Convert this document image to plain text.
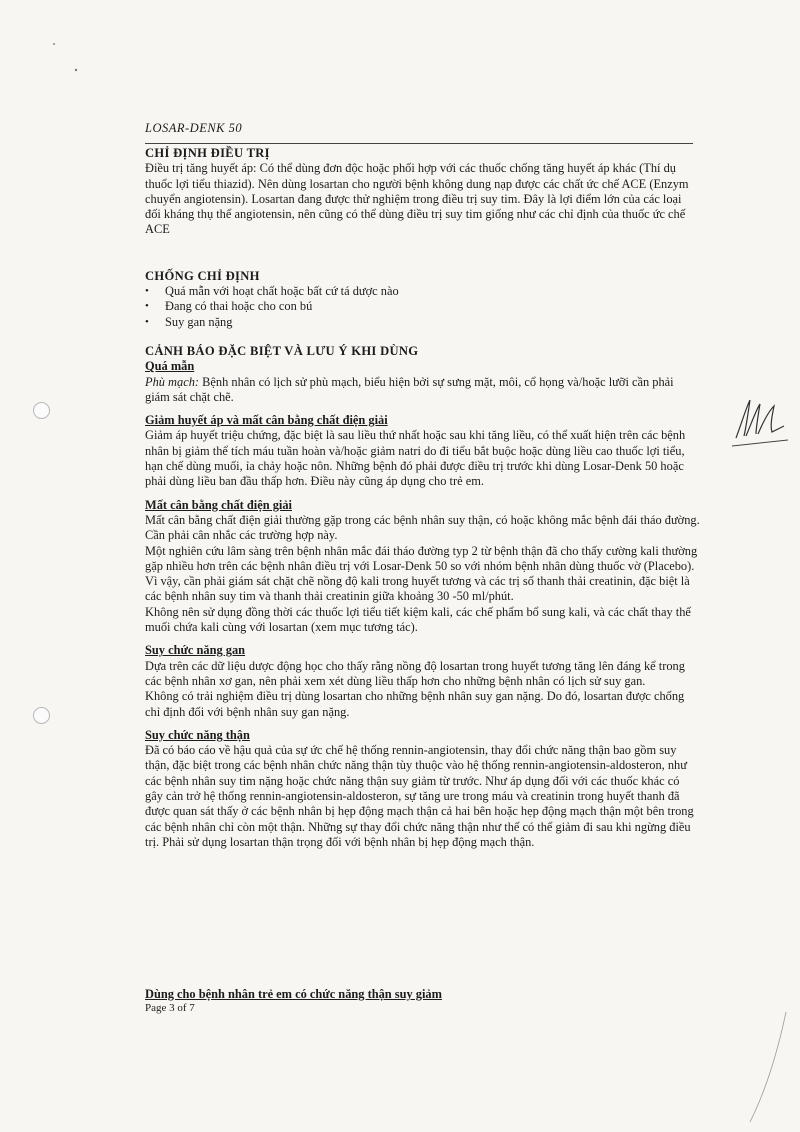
LOSAR-DENK 50

CHỈ ĐỊNH ĐIỀU TRỊ

Điều trị tăng huyết áp: Có thể dùng đơn độc hoặc phối hợp với các thuốc chống tăng huyết áp khác (Thí dụ thuốc lợi tiểu thiazid). Nên dùng losartan cho người bệnh không dung nạp được các chất ức chế ACE (Enzym chuyển angiotensin). Losartan đang được thử nghiệm trong điều trị suy tim. Đây là lợi điểm lớn của các loại đối kháng thụ thể angiotensin, nên cũng có thể dùng điều trị suy tim giống như các chỉ định của thuốc ức chế ACE

CHỐNG CHỈ ĐỊNH

• Quá mẫn với hoạt chất hoặc bất cứ tá dược nào
• Đang có thai hoặc cho con bú
• Suy gan nặng

CẢNH BÁO ĐẶC BIỆT VÀ LƯU Ý KHI DÙNG

Quá mẫn

Phù mạch: Bệnh nhân có lịch sử phù mạch, biểu hiện bởi sự sưng mặt, môi, cổ họng và/hoặc lưỡi cần phải giám sát chặt chẽ.

Giảm huyết áp và mất cân bằng chất điện giải

Giảm áp huyết triệu chứng, đặc biệt là sau liều thứ nhất hoặc sau khi tăng liều, có thể xuất hiện trên các bệnh nhân bị giảm thể tích máu tuần hoàn và/hoặc giảm natri do đi tiểu bắt buộc hoặc dùng liều cao thuốc lợi tiểu, hạn chế dùng muối, ỉa chảy hoặc nôn. Những bệnh đó phải được điều trị trước khi dùng Losar-Denk 50 hoặc phải dùng liều ban đầu thấp hơn. Điều này cũng áp dụng cho trẻ em.

Mất cân bằng chất điện giải

Mất cân bằng chất điện giải thường gặp trong các bệnh nhân suy thận, có hoặc không mắc bệnh đái tháo đường. Cần phải cân nhắc các trường hợp này.

Một nghiên cứu lâm sàng trên bệnh nhân mắc đái tháo đường typ 2 từ bệnh thận đã cho thấy cường kali thường gặp nhiều hơn trên các bệnh nhân điều trị với Losar-Denk 50 so với nhóm bệnh nhân dùng thuốc vờ (Placebo). Vì vậy, cần phải giám sát chặt chẽ nồng độ kali trong huyết tương và các trị số thanh thải creatinin, đặc biệt là các bệnh nhân suy tim và thanh thải creatinin giữa khoảng 30 -50 ml/phút.

Không nên sử dụng đồng thời các thuốc lợi tiểu tiết kiệm kali, các chế phẩm bổ sung kali, và các chất thay thế muối chứa kali cùng với losartan (xem mục tương tác).

Suy chức năng gan

Dựa trên các dữ liệu dược động học cho thấy rằng nồng độ losartan trong huyết tương tăng lên đáng kể trong các bệnh nhân xơ gan, nên phải xem xét dùng liều thấp hơn cho những bệnh nhân có lịch sử suy gan.

Không có trải nghiệm điều trị dùng losartan cho những bệnh nhân suy gan nặng. Do đó, losartan được chống chỉ định đối với bệnh nhân suy gan nặng.

Suy chức năng thận

Đã có báo cáo về hậu quả của sự ức chế hệ thống rennin-angiotensin, thay đổi chức năng thận bao gồm suy thận, đặc biệt trong các bệnh nhân chức năng thận tùy thuộc vào hệ thống rennin-angiotensin-aldosteron, như các bệnh nhân suy tim nặng hoặc chức năng thận suy giảm từ trước. Như áp dụng đối với các thuốc khác có gây cản trở hệ thống rennin-angiotensin-aldosteron, sự tăng ure trong máu và creatinin trong huyết thanh đã được quan sát thấy ở các bệnh nhân bị hẹp động mạch thận cả hai bên hoặc hẹp động mạch thận một bên trong các bệnh nhân chỉ còn một thận. Những sự thay đổi chức năng thận như thế có thể giảm đi sau khi ngừng điều trị. Phải sử dụng losartan thận trọng đối với bệnh nhân bị hẹp động mạch thận.

Dùng cho bệnh nhân trẻ em có chức năng thận suy giảm
Page 3 of 7
